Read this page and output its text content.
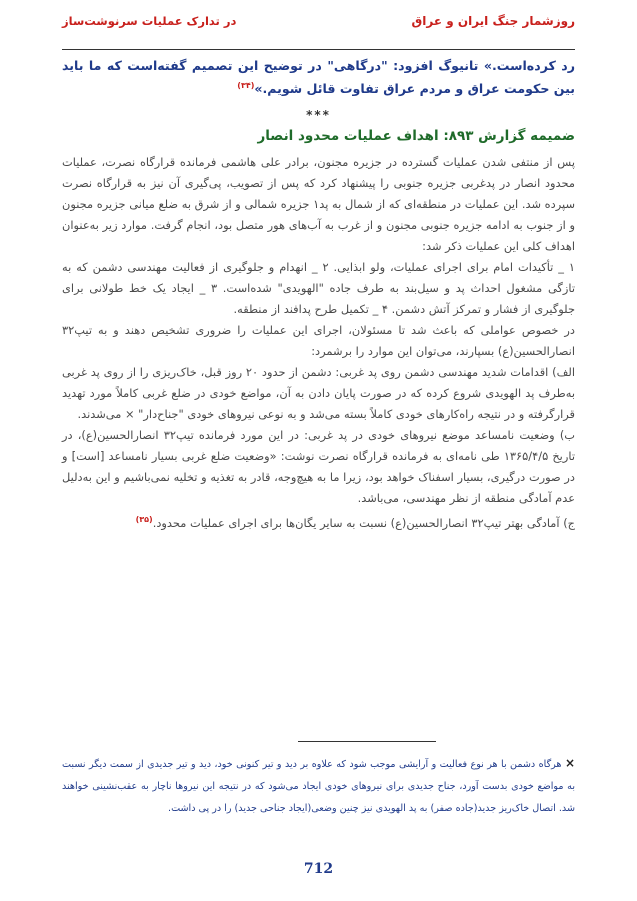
روزشمار جنگ ایران و عراق
در تدارک عملیات سرنوشت‌ساز

رد کرده‌است.» تانیوگ افزود: "درگاهی" در توضیح این تصمیم گفته‌است که ما باید بین حکومت عراق و مردم عراق تفاوت قائل شویم.»$^{(۳۴)}$

***
ضمیمه گزارش ۸۹۳: اهداف عملیات محدود انصار

پس از منتفی شدن عملیات گسترده در جزیره مجنون، برادر علی هاشمی فرمانده قرارگاه نصرت، عملیات محدود انصار در پدغربی جزیره جنوبی را پیشنهاد کرد که پس از تصویب، پی‌گیری آن نیز به قرارگاه نصرت سپرده شد. این عملیات در منطقه‌ای که از شمال به پد۱ جزیره شمالی و از شرق به ضلع میانی جزیره مجنون و از جنوب به ادامه جزیره جنوبی مجنون و از غرب به آب‌های هور متصل بود، انجام گرفت. موارد زیر به‌عنوان اهداف کلی این عملیات ذکر شد:

۱ _ تأکیدات امام برای اجرای عملیات، ولو ابذایی. ۲ _ انهدام و جلوگیری از فعالیت مهندسی دشمن که به تازگی مشغول احداث پد و سیل‌بند به طرف جاده "الهویدی" شده‌است. ۳ _ ایجاد یک خط طولانی برای جلوگیری از فشار و تمرکز آتش دشمن. ۴ _ تکمیل طرح پدافند از منطقه.

در خصوص عواملی که باعث شد تا مسئولان، اجرای این عملیات را ضروری تشخیص دهند و به تیپ۳۲ انصارالحسین(ع) بسپارند، می‌توان این موارد را برشمرد:

الف) اقدامات شدید مهندسی دشمن روی پد غربی: دشمن از حدود ۲۰ روز قبل، خاک‌ریزی را از روی پد غربی به‌طرف پد الهویدی شروع کرده که در صورت پایان دادن به آن، مواضع خودی در ضلع غربی کاملاً مورد تهدید قرارگرفته و در نتیجه راه‌کارهای خودی کاملاً بسته می‌شد و به نوعی نیروهای خودی "جناح‌دار" × می‌شدند.

ب) وضعیت نامساعد موضع نیروهای خودی در پد غربی: در این مورد فرمانده تیپ۳۲ انصارالحسین(ع)، در تاریخ ۱۳۶۵/۴/۵ طی نامه‌ای به فرمانده قرارگاه نصرت نوشت: «وضعیت ضلع غربی بسیار نامساعد [است] و در صورت درگیری، بسیار اسفناک خواهد بود، زیرا ما به هیچ‌وجه، قادر به تغذیه و تخلیه نمی‌باشیم و این به‌دلیل عدم آمادگی منطقه از نظر مهندسی، می‌باشد.

ج) آمادگی بهتر تیپ۳۲ انصارالحسین(ع) نسبت به سایر یگان‌ها برای اجرای عملیات محدود.$^{(۳۵)}$

× هرگاه دشمن با هر نوع فعالیت و آرایشی موجب شود که علاوه بر دید و تیر کنونی خود، دید و تیر جدیدی از سمت دیگر نسبت به مواضع خودی بدست آورد، جناح جدیدی برای نیروهای خودی ایجاد می‌شود که در نتیجه این نیروها ناچار به عقب‌نشینی خواهند شد. اتصال خاک‌ریز جدید(جاده صفر) به پد الهویدی نیز چنین وضعی(ایجاد جناحی جدید) را در پی داشت.

712
